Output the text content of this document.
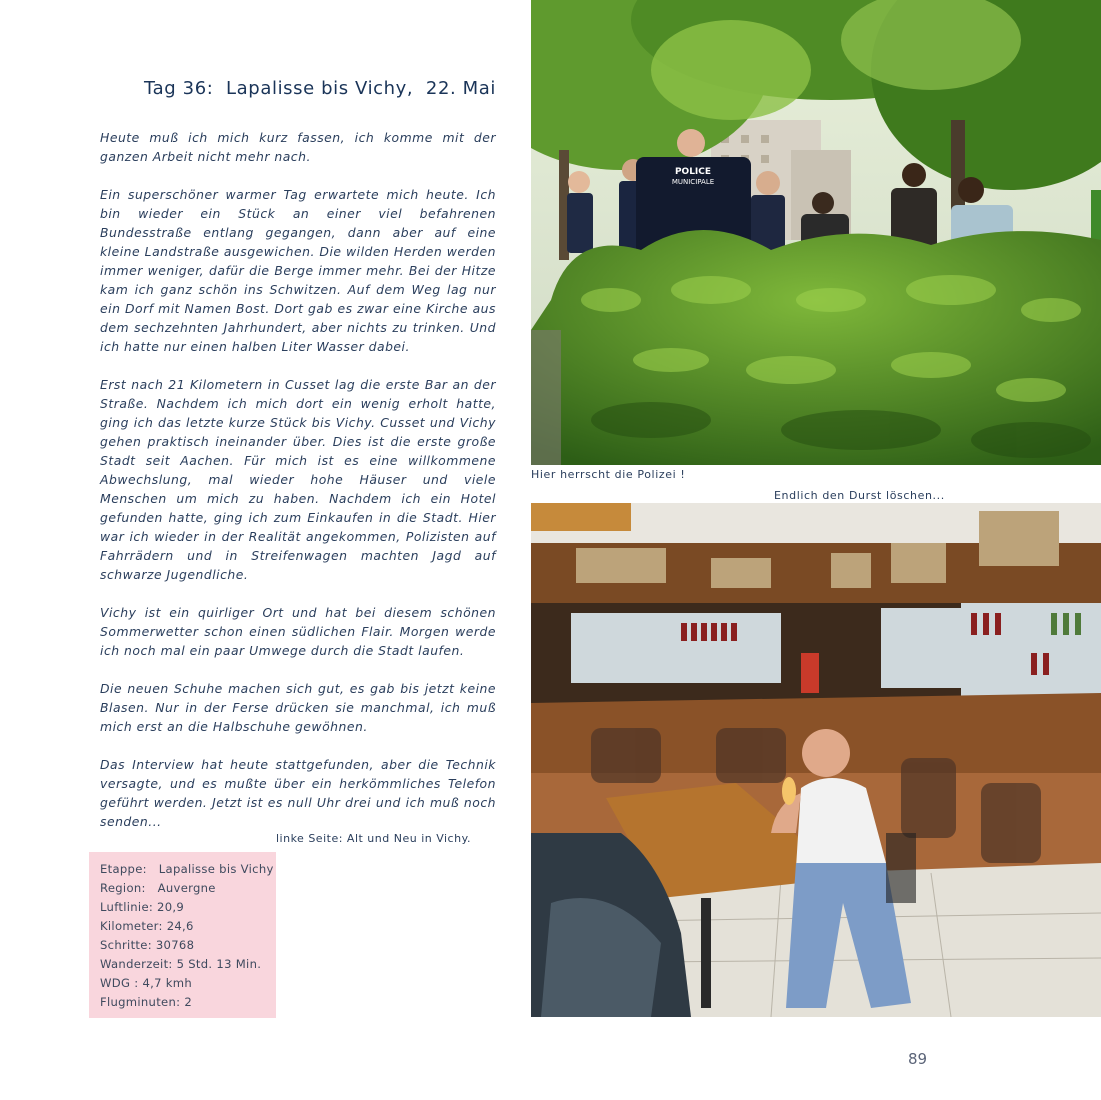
Tag 36:  Lapalisse bis Vichy,  22. Mai

Heute muß ich mich kurz fassen, ich komme mit der ganzen Arbeit nicht mehr nach.

Ein superschöner warmer Tag erwartete mich heute. Ich bin wieder ein Stück an einer viel befahrenen Bundesstraße entlang gegangen, dann aber auf eine kleine Landstraße ausgewichen. Die wilden Herden werden immer weniger, dafür die Berge immer mehr. Bei der Hitze kam ich ganz schön ins Schwitzen. Auf dem Weg lag nur ein Dorf mit Namen Bost. Dort gab es zwar eine Kirche aus dem sechzehnten Jahrhundert, aber nichts zu trinken. Und ich hatte nur einen halben Liter Wasser dabei.

Erst nach 21 Kilometern in Cusset lag die erste Bar an der Straße. Nachdem ich mich dort ein wenig erholt hatte, ging ich das letzte kurze Stück bis Vichy. Cusset und Vichy gehen praktisch ineinander über. Dies ist die erste große Stadt seit Aachen. Für mich ist es eine willkommene Abwechslung, mal wieder hohe Häuser und viele Menschen um mich zu haben. Nachdem ich ein Hotel gefunden hatte, ging ich zum Einkaufen in die Stadt. Hier war ich wieder in der Realität angekommen, Polizisten auf Fahrrädern und in Streifenwagen machten Jagd auf schwarze Jugendliche.

Vichy ist ein quirliger Ort und hat bei diesem schönen Sommerwetter schon einen südlichen Flair. Morgen werde ich noch mal ein paar Umwege durch die Stadt laufen.

Die neuen Schuhe machen sich gut, es gab bis jetzt keine Blasen. Nur in der Ferse drücken sie manchmal, ich muß mich erst an die Halbschuhe gewöhnen.

Das Interview hat heute stattgefunden, aber die Technik versagte, und es mußte über ein herkömmliches Telefon geführt werden. Jetzt ist es null Uhr drei und ich muß noch senden...

linke Seite: Alt und Neu in Vichy.
Etappe:   Lapalisse bis Vichy
Region:   Auvergne
Luftlinie: 20,9
Kilometer: 24,6
Schritte: 30768
Wanderzeit: 5 Std. 13 Min.
WDG : 4,7 kmh
Flugminuten: 2
POLICE
MUNICIPALE
Hier herrscht die Polizei !
Endlich den Durst löschen...
89
